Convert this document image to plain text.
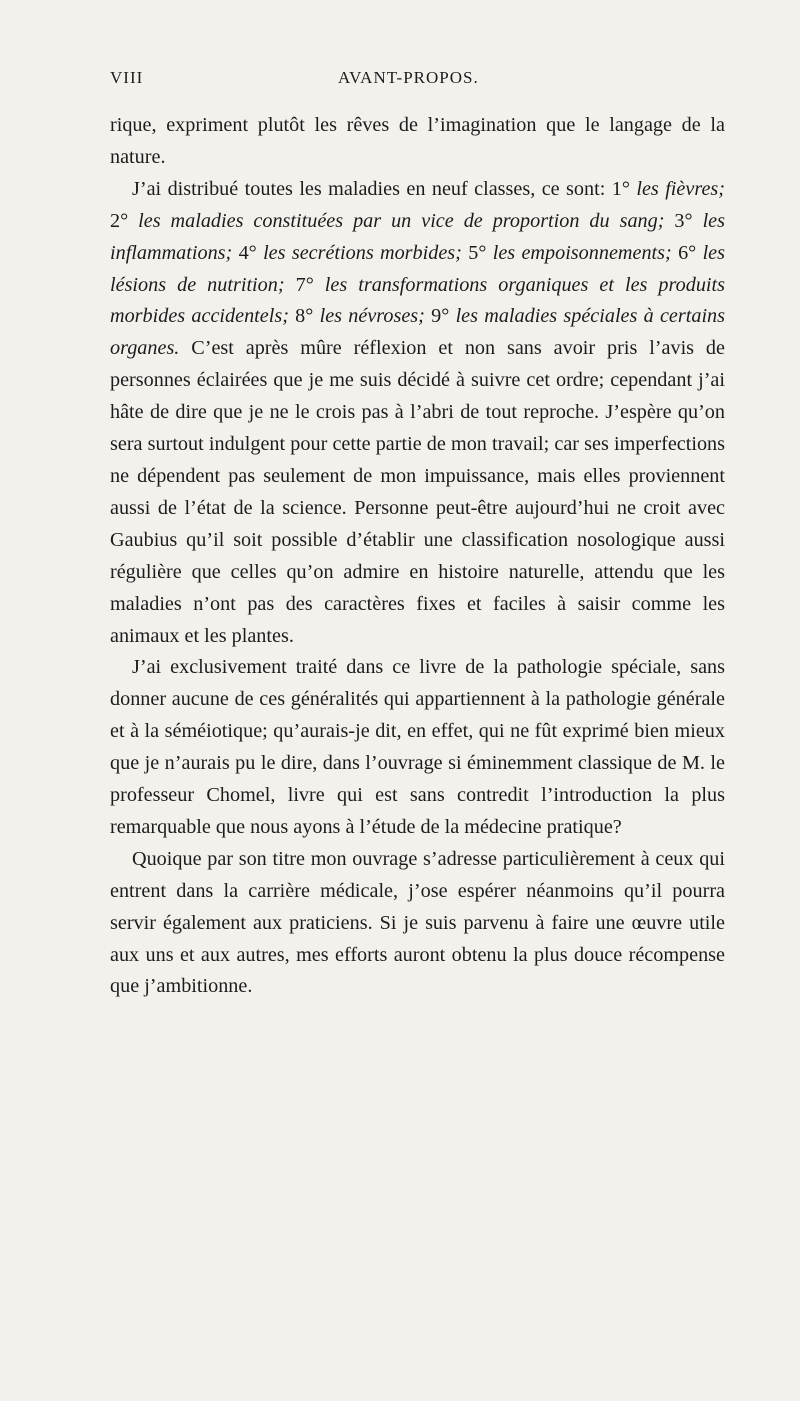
VIII	AVANT-PROPOS.

rique, expriment plutôt les rêves de l’imagination que le langage de la nature.

J’ai distribué toutes les maladies en neuf classes, ce sont: 1° les fièvres; 2° les maladies constituées par un vice de proportion du sang; 3° les inflammations; 4° les secrétions morbides; 5° les empoisonnements; 6° les lésions de nutrition; 7° les transformations organiques et les produits morbides accidentels; 8° les névroses; 9° les maladies spéciales à certains organes. C’est après mûre réflexion et non sans avoir pris l’avis de personnes éclairées que je me suis décidé à suivre cet ordre; cependant j’ai hâte de dire que je ne le crois pas à l’abri de tout reproche. J’espère qu’on sera surtout indulgent pour cette partie de mon travail; car ses imperfections ne dépendent pas seulement de mon impuissance, mais elles proviennent aussi de l’état de la science. Personne peut-être aujourd’hui ne croit avec Gaubius qu’il soit possible d’établir une classification nosologique aussi régulière que celles qu’on admire en histoire naturelle, attendu que les maladies n’ont pas des caractères fixes et faciles à saisir comme les animaux et les plantes.

J’ai exclusivement traité dans ce livre de la pathologie spéciale, sans donner aucune de ces généralités qui appartiennent à la pathologie générale et à la séméiotique; qu’aurais-je dit, en effet, qui ne fût exprimé bien mieux que je n’aurais pu le dire, dans l’ouvrage si éminemment classique de M. le professeur Chomel, livre qui est sans contredit l’introduction la plus remarquable que nous ayons à l’étude de la médecine pratique?

Quoique par son titre mon ouvrage s’adresse particulièrement à ceux qui entrent dans la carrière médicale, j’ose espérer néanmoins qu’il pourra servir également aux praticiens. Si je suis parvenu à faire une œuvre utile aux uns et aux autres, mes efforts auront obtenu la plus douce récompense que j’ambitionne.
